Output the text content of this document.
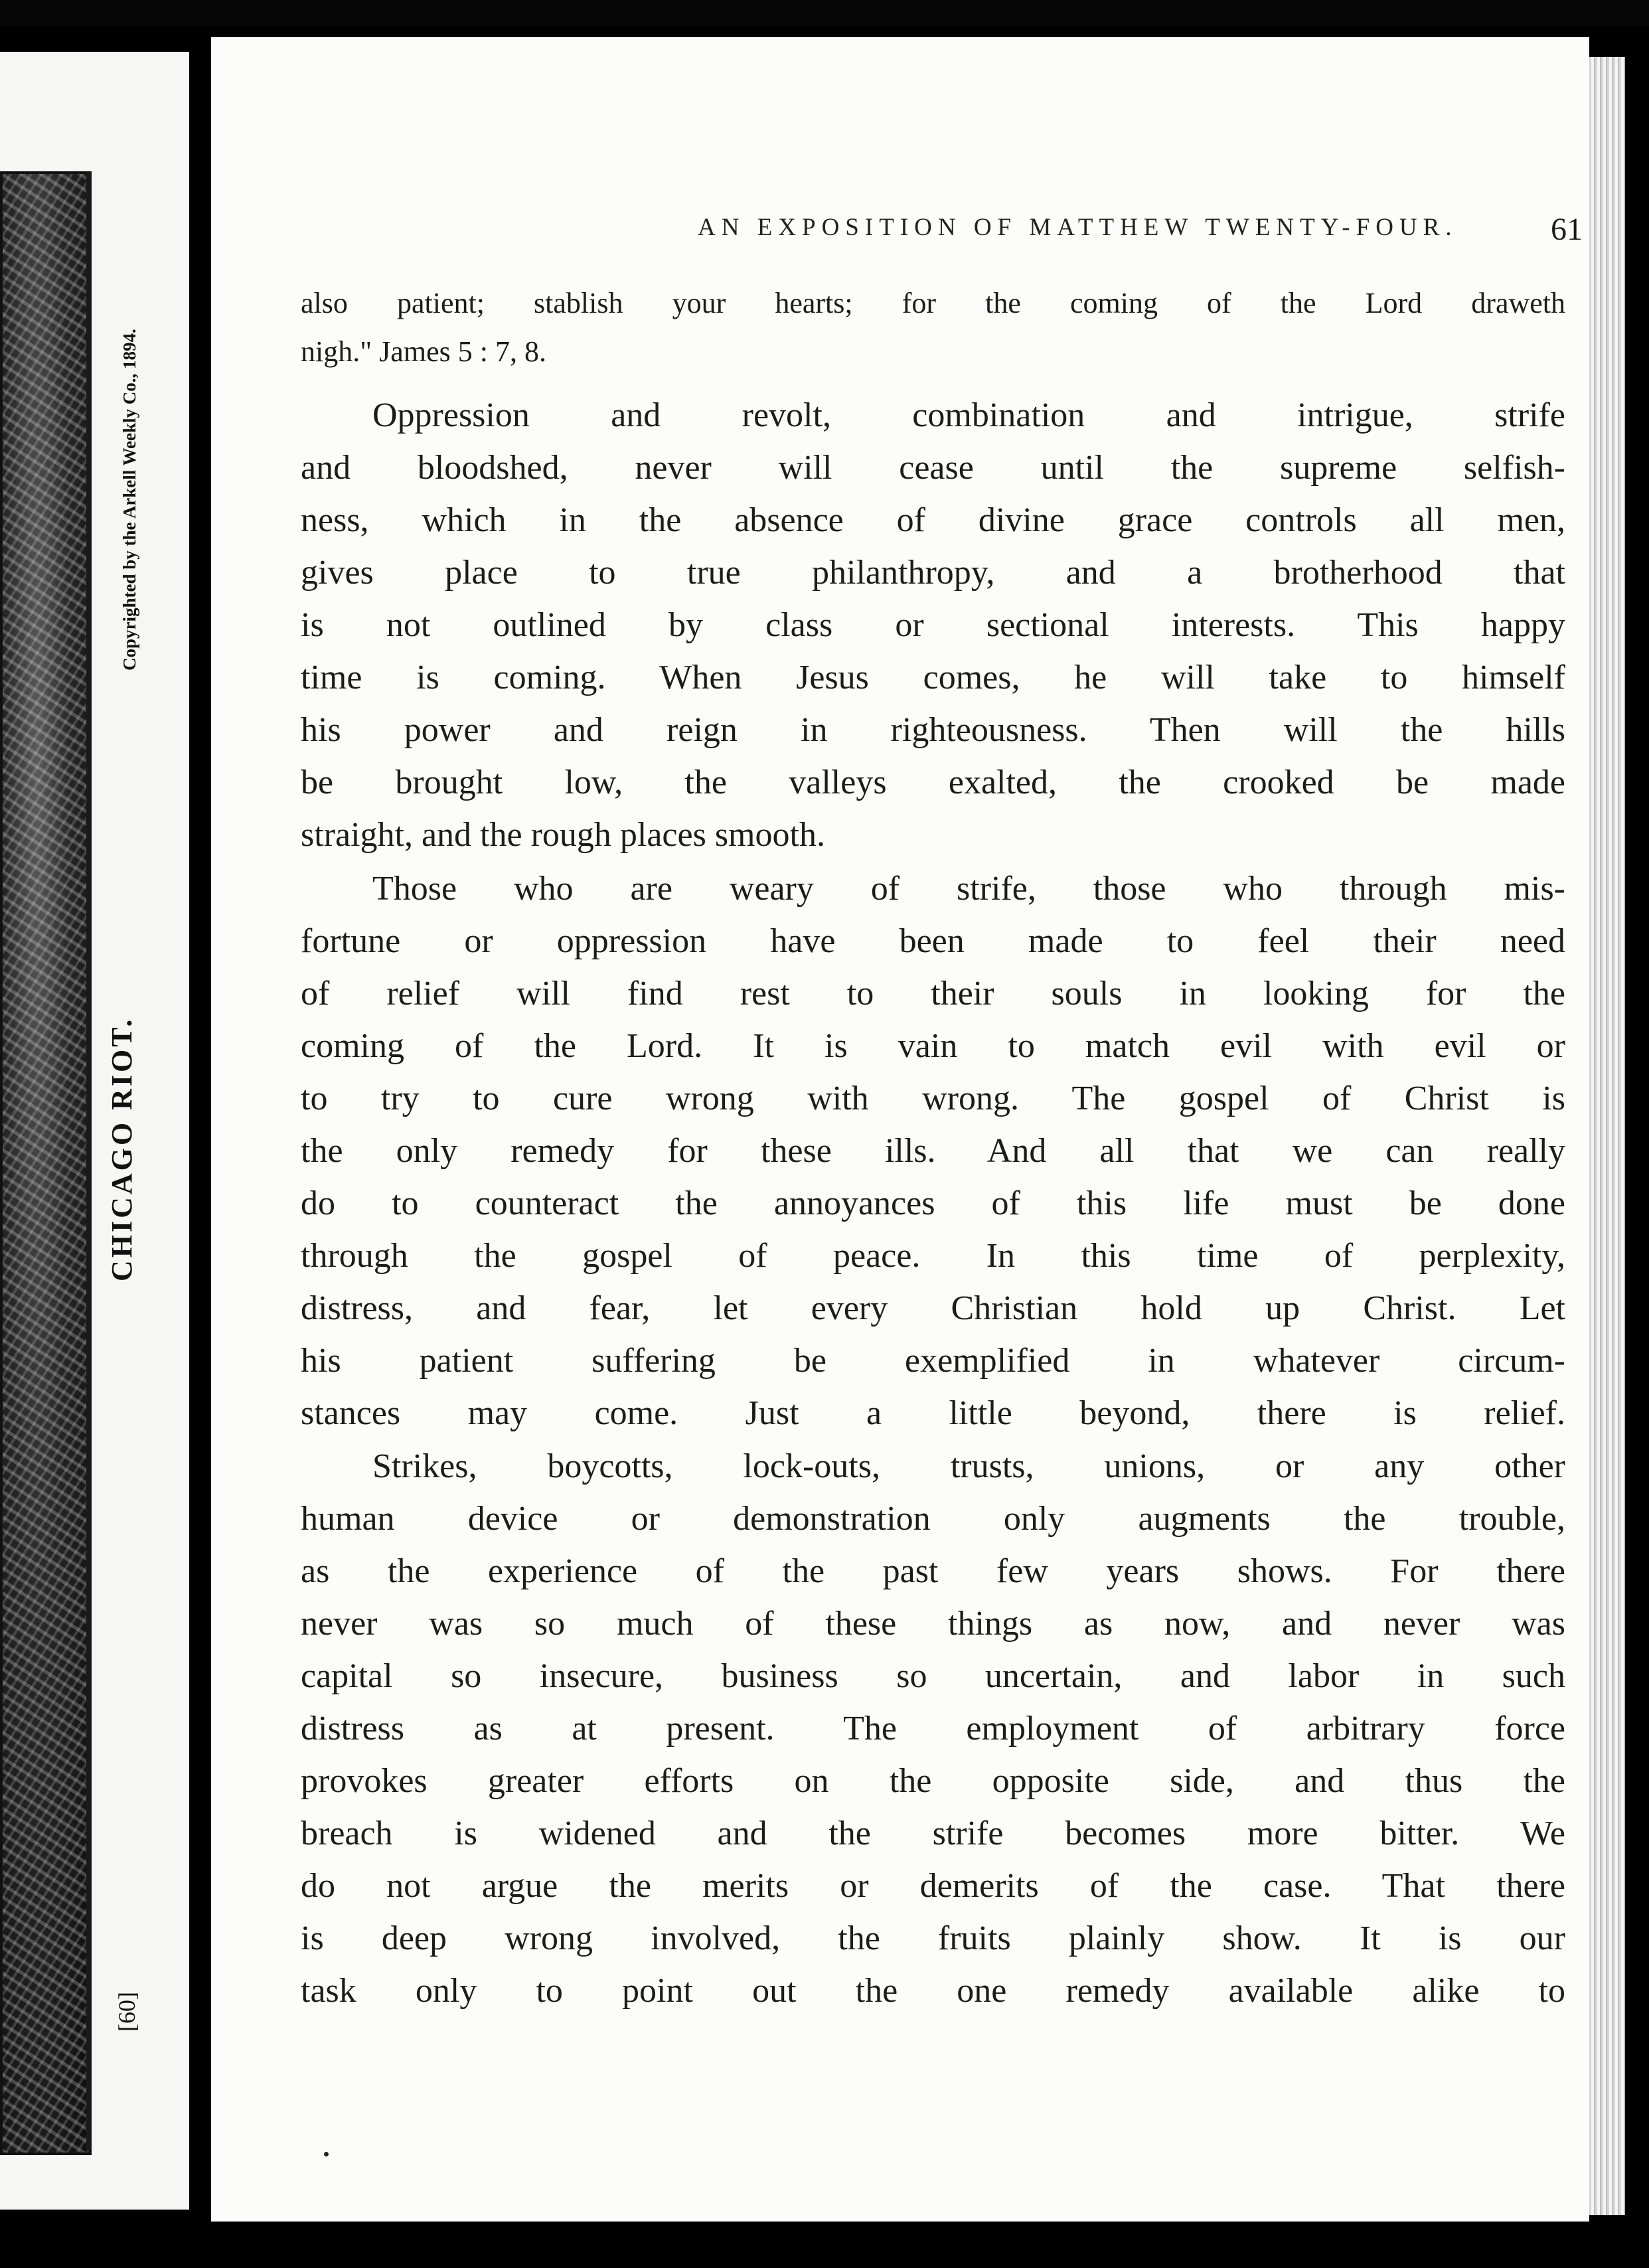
Copyrighted by the Arkell Weekly Co., 1894.
CHICAGO RIOT.
[60]
AN EXPOSITION OF MATTHEW TWENTY-FOUR.	61
also patient; stablish your hearts; for the coming of the Lord draweth
nigh." James 5 : 7, 8.
Oppression and revolt, combination and intrigue, strife
and bloodshed, never will cease until the supreme selfish-
ness, which in the absence of divine grace controls all men,
gives place to true philanthropy, and a brotherhood that
is not outlined by class or sectional interests. This happy
time is coming. When Jesus comes, he will take to himself
his power and reign in righteousness. Then will the hills
be brought low, the valleys exalted, the crooked be made
straight, and the rough places smooth.
Those who are weary of strife, those who through mis-
fortune or oppression have been made to feel their need
of relief will find rest to their souls in looking for the
coming of the Lord. It is vain to match evil with evil or
to try to cure wrong with wrong. The gospel of Christ is
the only remedy for these ills. And all that we can really
do to counteract the annoyances of this life must be done
through the gospel of peace. In this time of perplexity,
distress, and fear, let every Christian hold up Christ. Let
his patient suffering be exemplified in whatever circum-
stances may come. Just a little beyond, there is relief.
Strikes, boycotts, lock-outs, trusts, unions, or any other
human device or demonstration only augments the trouble,
as the experience of the past few years shows. For there
never was so much of these things as now, and never was
capital so insecure, business so uncertain, and labor in such
distress as at present. The employment of arbitrary force
provokes greater efforts on the opposite side, and thus the
breach is widened and the strife becomes more bitter. We
do not argue the merits or demerits of the case. That there
is deep wrong involved, the fruits plainly show. It is our
task only to point out the one remedy available alike to
